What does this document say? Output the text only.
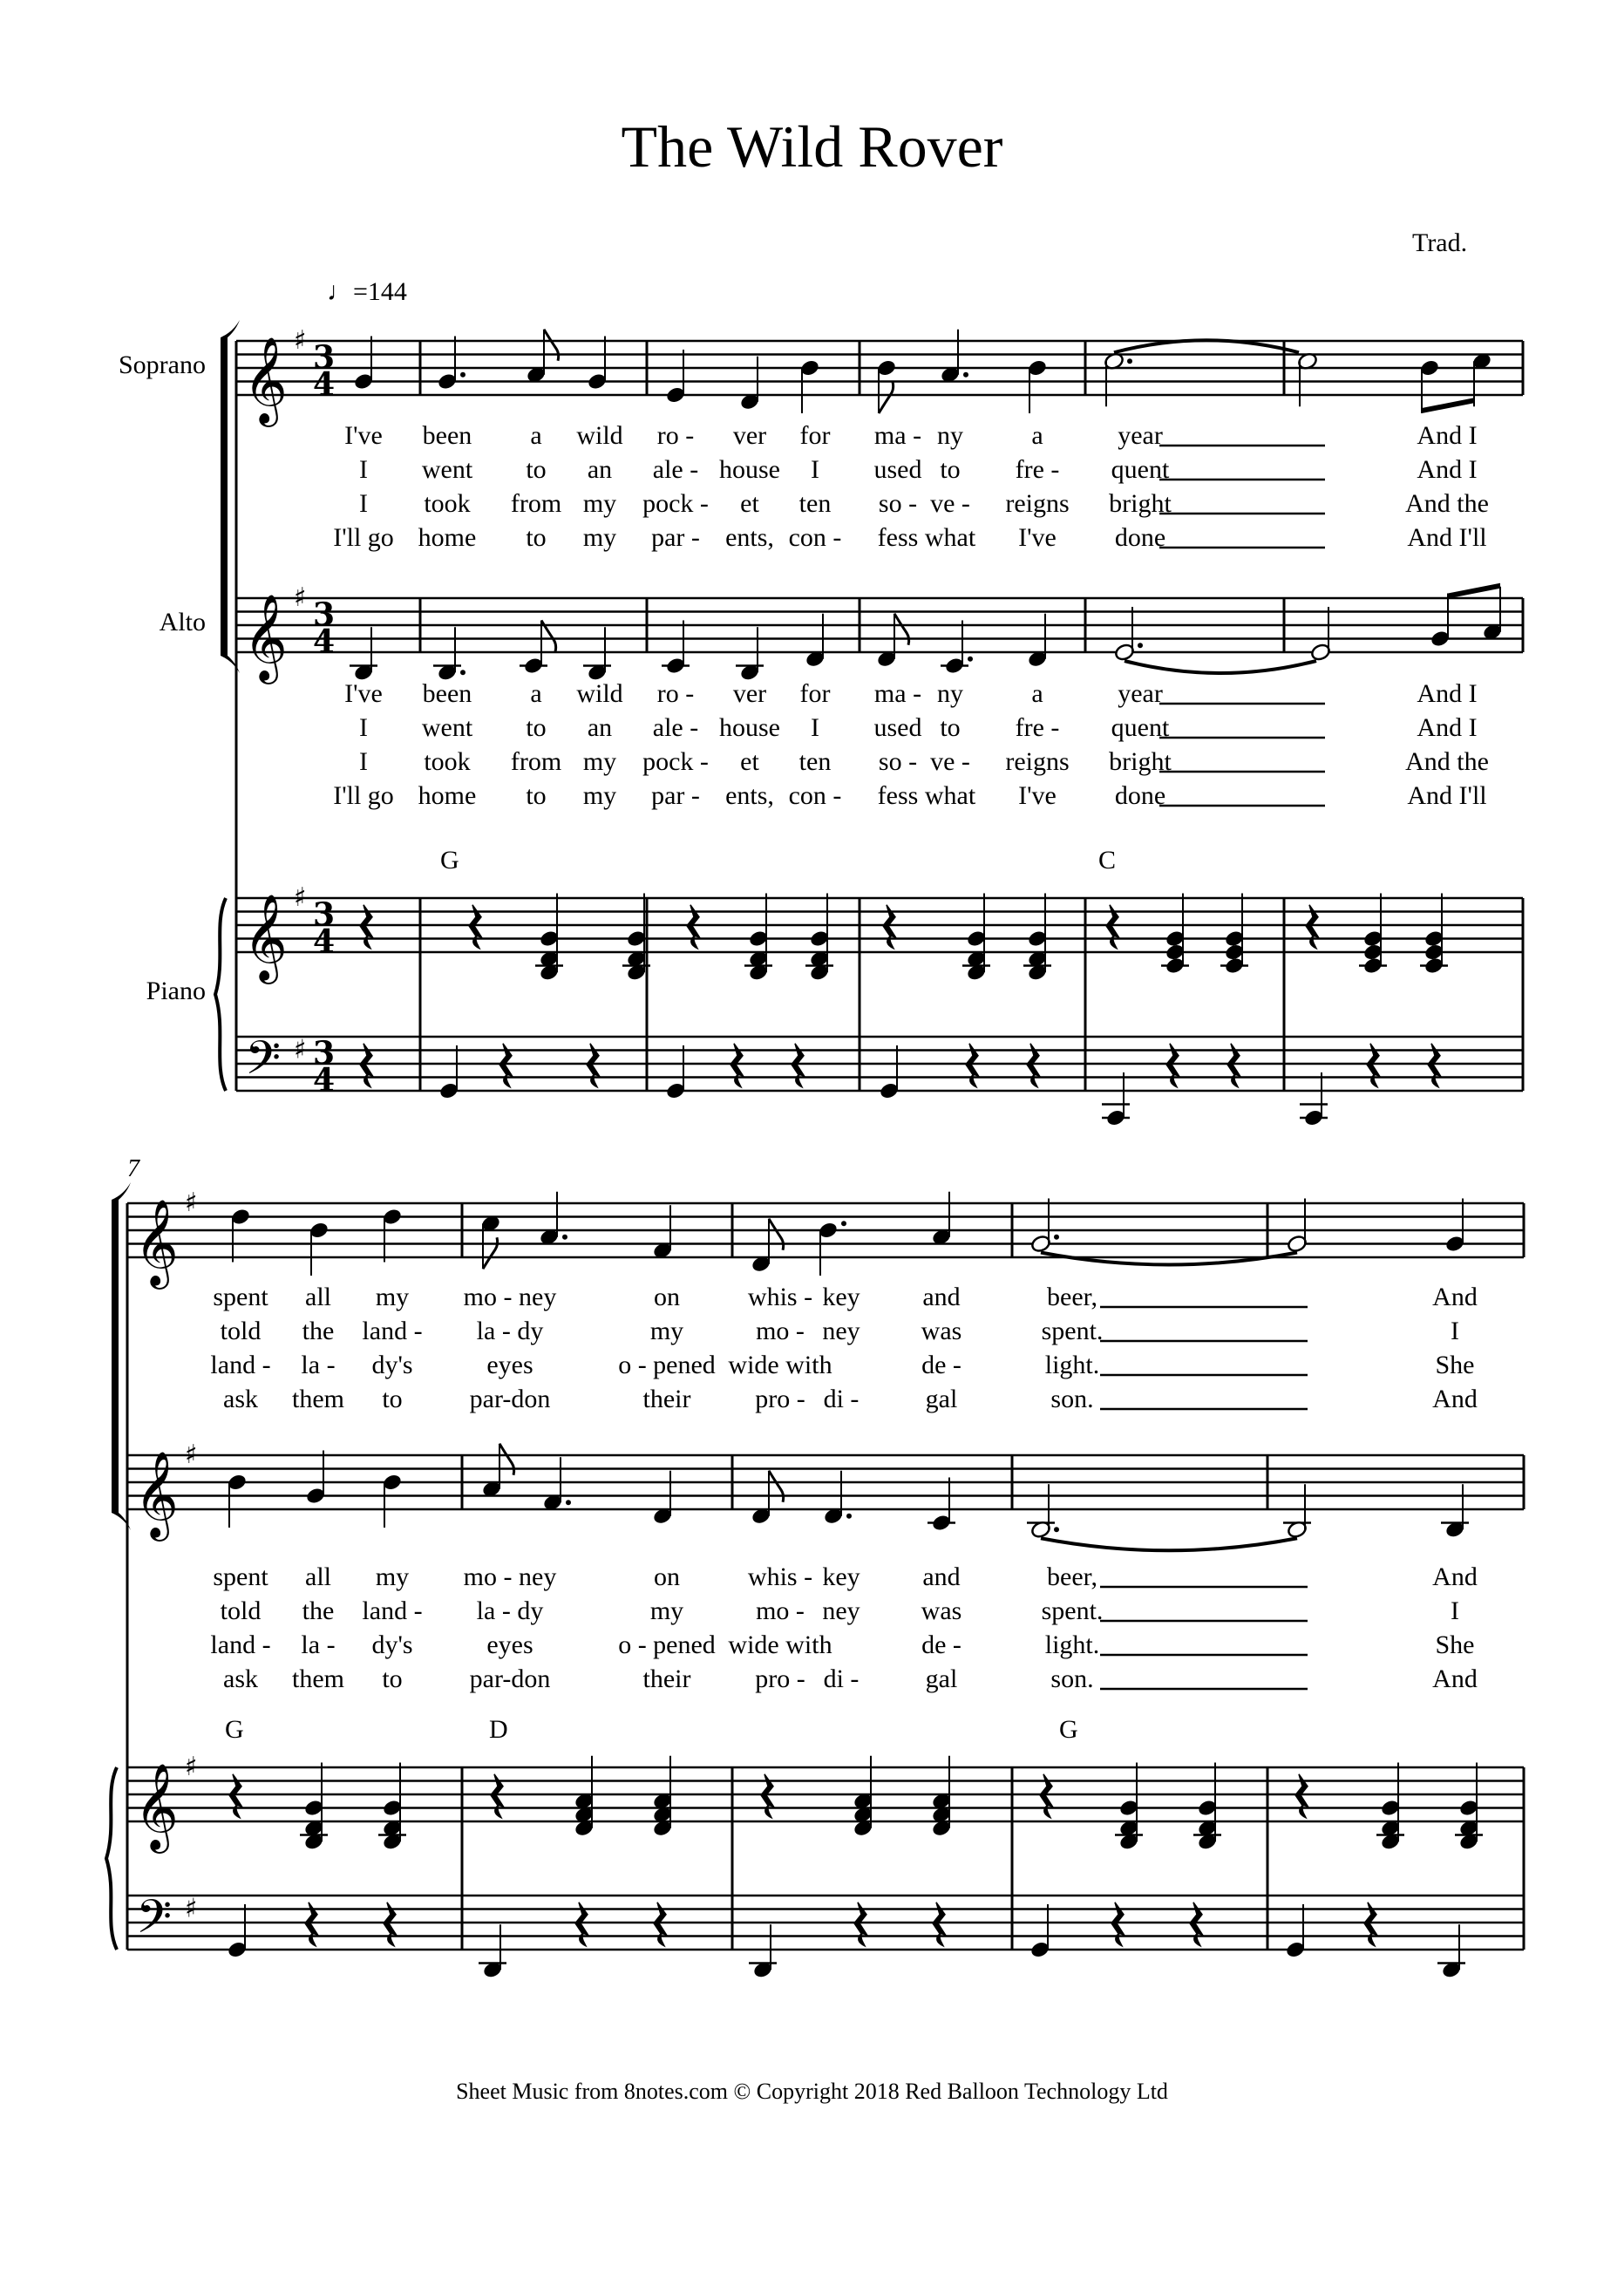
The Wild Rover
Trad.
♩=144
Soprano
Alto
Piano
7
G	C
I've
I
I
I'll go
been
went
took
home
a
to
from
to
wild
an
my
my
ro -
ale -
pock -
par -
ver
house
et
ents,
for
I
ten
con -
ma -
used
so -
fess
ny
to
ve -
what
a
fre -
reigns
I've
year
quent
bright
done
And I
And I
And the
And I'll
I've
I
I
I'll go
been
went
took
home
a
to
from
to
wild
an
my
my
ro -
ale -
pock -
par -
ver
house
et
ents,
for
I
ten
con -
ma -
used
so -
fess
ny
to
ve -
what
a
fre -
reigns
I've
year
quent
bright
done
And I
And I
And the
And I'll
G	D	G
spent
told
land -
ask
all
the
la -
them
my
land -
dy's
to
mo - ney
la - dy
eyes
par-don
on
my
o - pened
their
whis -
mo -
wide with
pro -
key
ney
di -
and
was
de -
gal
beer,
spent.
light.
son.
And
I
She
And
spent
told
land -
ask
all
the
la -
them
my
land -
dy's
to
mo - ney
la - dy
eyes
par-don
on
my
o - pened
their
whis -
mo -
wide with
pro -
key
ney
di -
and
was
de -
gal
beer,
spent.
light.
son.
And
I
She
And
𝄞 ♯ 3
4
𝄞 ♯ 3
4
𝄞 ♯ 3
4
𝄢 ♯ 3
4
𝄞 ♯
𝄞 ♯
𝄞 ♯
𝄢 ♯
Sheet Music from 8notes.com © Copyright 2018 Red Balloon Technology Ltd
